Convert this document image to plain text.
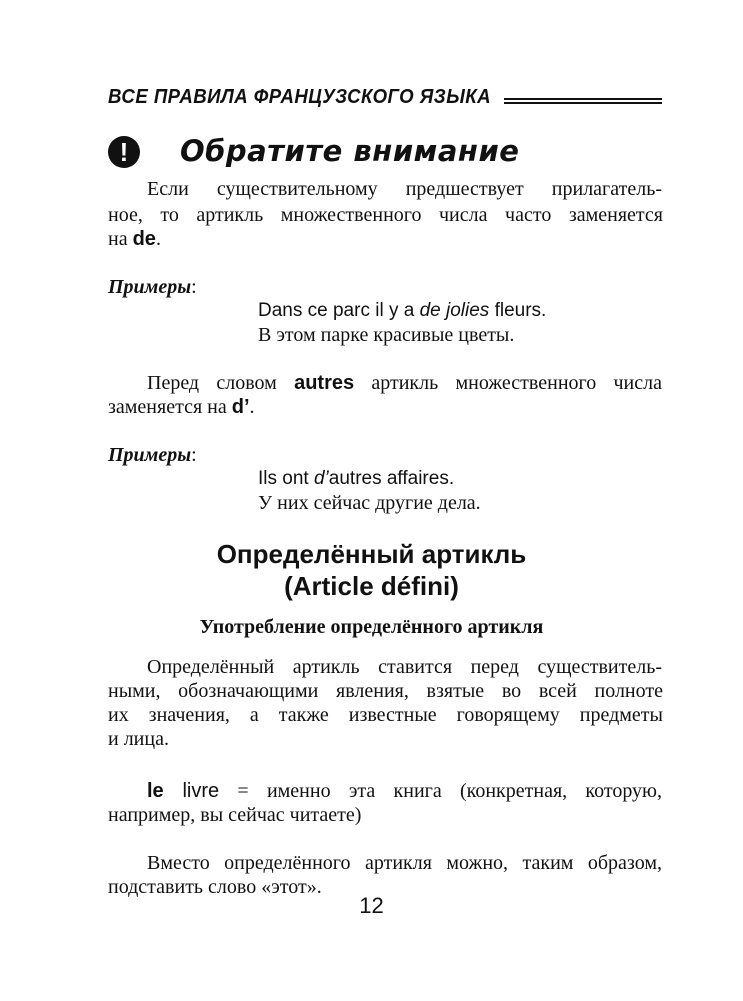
ВСЕ ПРАВИЛА ФРАНЦУЗСКОГО ЯЗЫКА
!	Обратите внимание
Если существительному предшествует прилагатель-
ное, то артикль множественного числа часто заменяется
на de.
Примеры:
Dans ce parc il y a de jolies fleurs.
В этом парке красивые цветы.
Перед словом autres артикль множественного числа
заменяется на d’.
Примеры:
Ils ont d’autres affaires.
У них сейчас другие дела.
Определённый артикль
(Article défini)
Употребление определённого артикля
Определённый артикль ставится перед существитель-
ными, обозначающими явления, взятые во всей полноте
их значения, а также известные говорящему предметы
и лица.
le livre = именно эта книга (конкретная, которую,
например, вы сейчас читаете)
Вместо определённого артикля можно, таким образом,
подставить слово «этот».
12
